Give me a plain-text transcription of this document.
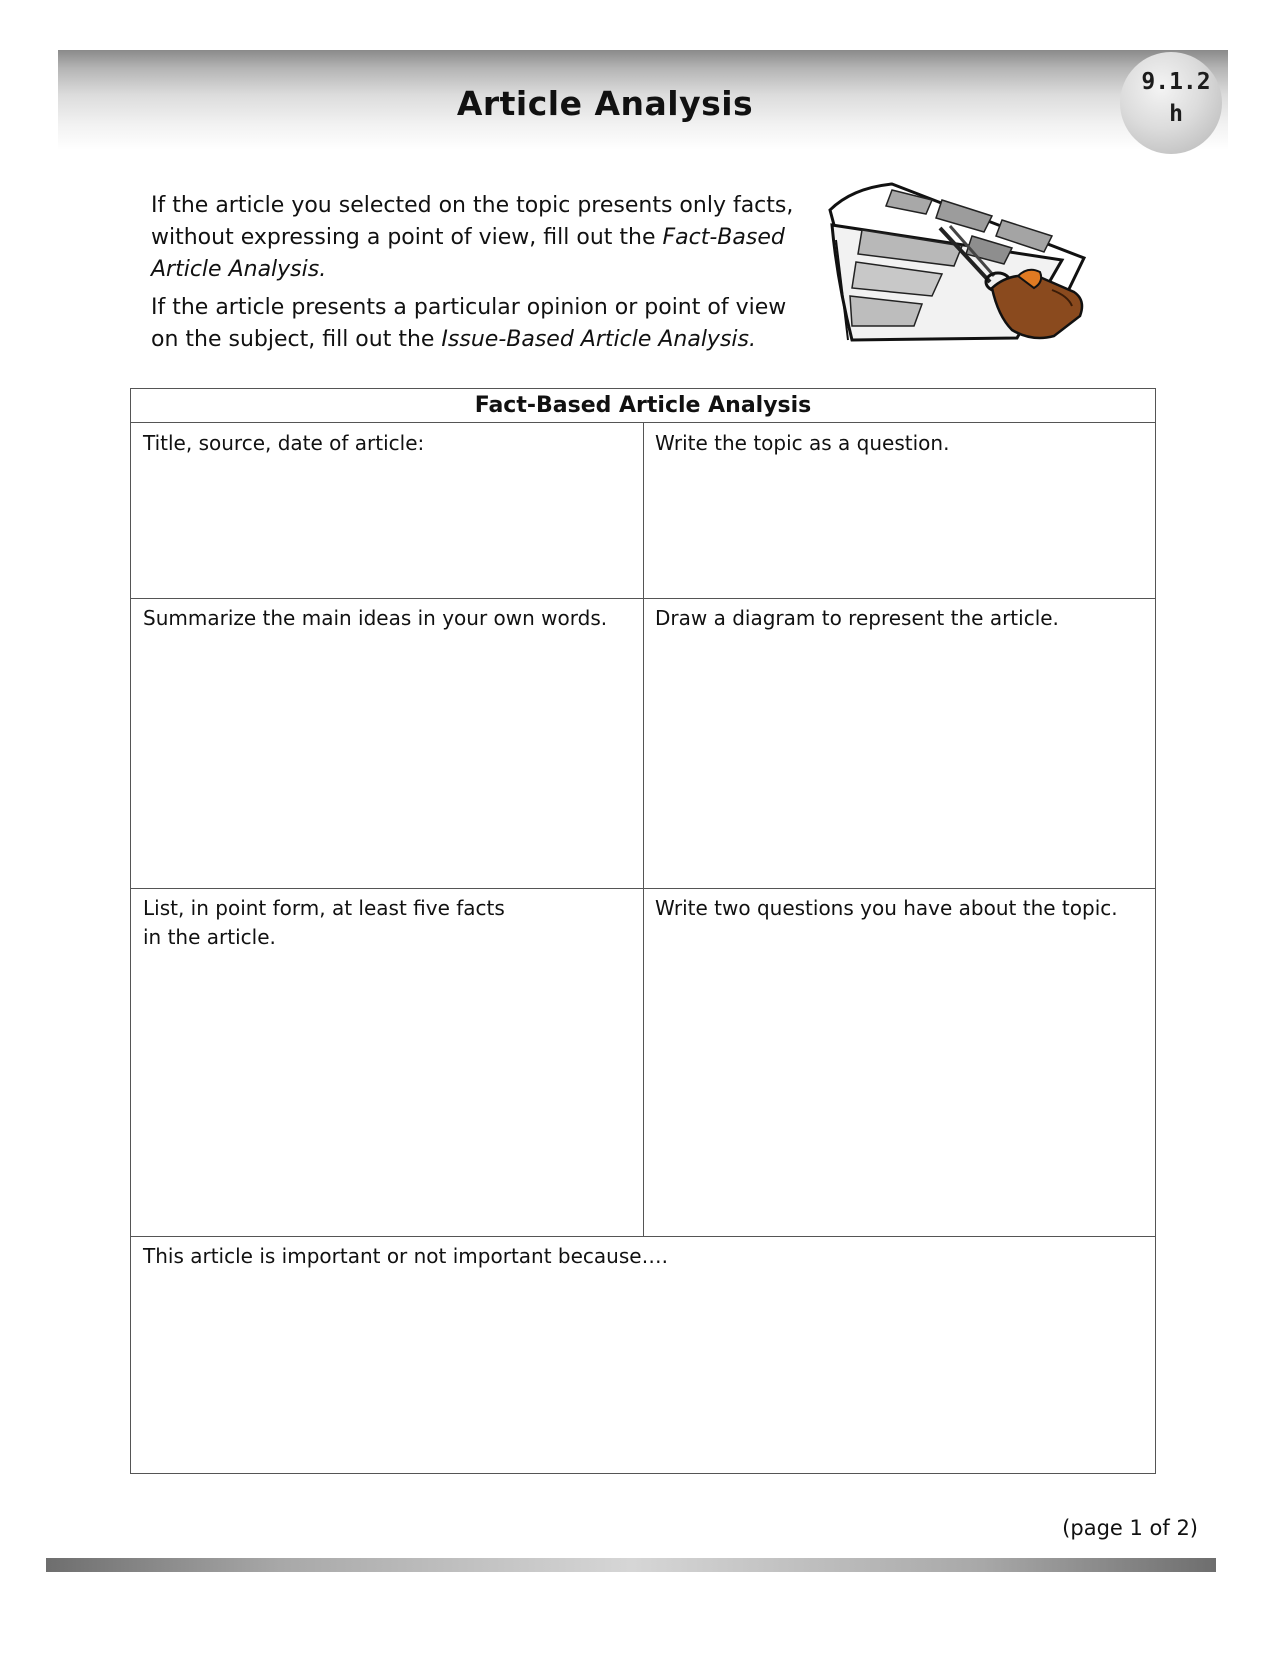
Article Analysis
9.1.2
h

If the article you selected on the topic presents only facts, without expressing a point of view, fill out the Fact-Based Article Analysis.

If the article presents a particular opinion or point of view on the subject, fill out the Issue-Based Article Analysis.

Fact-Based Article Analysis
Title, source, date of article:	Write the topic as a question.
Summarize the main ideas in your own words.	Draw a diagram to represent the article.
List, in point form, at least five facts
in the article.
Write two questions you have about the topic.
This article is important or not important because….
(page 1 of 2)
